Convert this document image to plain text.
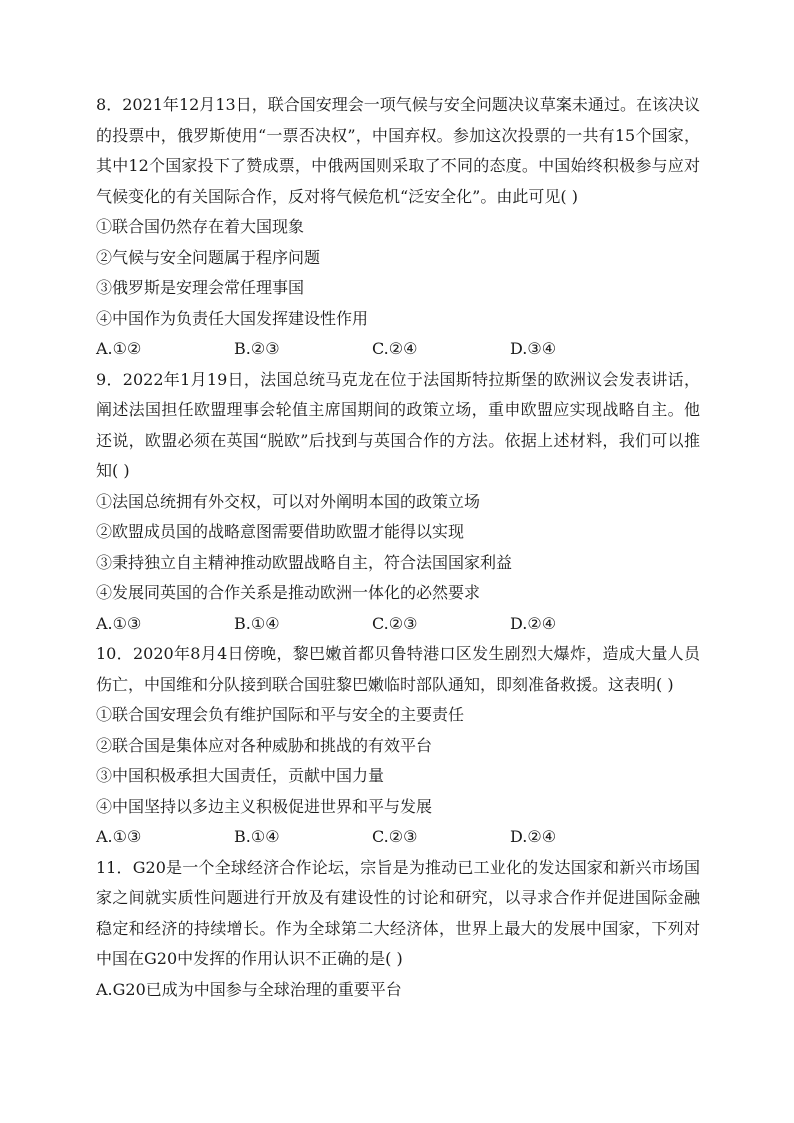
8．2021年12月13日，联合国安理会一项气候与安全问题决议草案未通过。在该决议的投票中，俄罗斯使用“一票否决权”，中国弃权。参加这次投票的一共有15个国家，其中12个国家投下了赞成票，中俄两国则采取了不同的态度。中国始终积极参与应对气候变化的有关国际合作，反对将气候危机“泛安全化”。由此可见( )

①联合国仍然存在着大国现象

②气候与安全问题属于程序问题

③俄罗斯是安理会常任理事国

④中国作为负责任大国发挥建设性作用

A.①②	B.②③	C.②④	D.③④

9．2022年1月19日，法国总统马克龙在位于法国斯特拉斯堡的欧洲议会发表讲话，阐述法国担任欧盟理事会轮值主席国期间的政策立场，重申欧盟应实现战略自主。他还说，欧盟必须在英国“脱欧”后找到与英国合作的方法。依据上述材料，我们可以推知( )

①法国总统拥有外交权，可以对外阐明本国的政策立场

②欧盟成员国的战略意图需要借助欧盟才能得以实现

③秉持独立自主精神推动欧盟战略自主，符合法国国家利益

④发展同英国的合作关系是推动欧洲一体化的必然要求

A.①③	B.①④	C.②③	D.②④

10．2020年8月4日傍晚，黎巴嫩首都贝鲁特港口区发生剧烈大爆炸，造成大量人员伤亡，中国维和分队接到联合国驻黎巴嫩临时部队通知，即刻准备救援。这表明( )

①联合国安理会负有维护国际和平与安全的主要责任

②联合国是集体应对各种威胁和挑战的有效平台

③中国积极承担大国责任，贡献中国力量

④中国坚持以多边主义积极促进世界和平与发展

A.①③	B.①④	C.②③	D.②④

11．G20是一个全球经济合作论坛，宗旨是为推动已工业化的发达国家和新兴市场国家之间就实质性问题进行开放及有建设性的讨论和研究，以寻求合作并促进国际金融稳定和经济的持续增长。作为全球第二大经济体，世界上最大的发展中国家，下列对中国在G20中发挥的作用认识不正确的是( )

A.G20已成为中国参与全球治理的重要平台
